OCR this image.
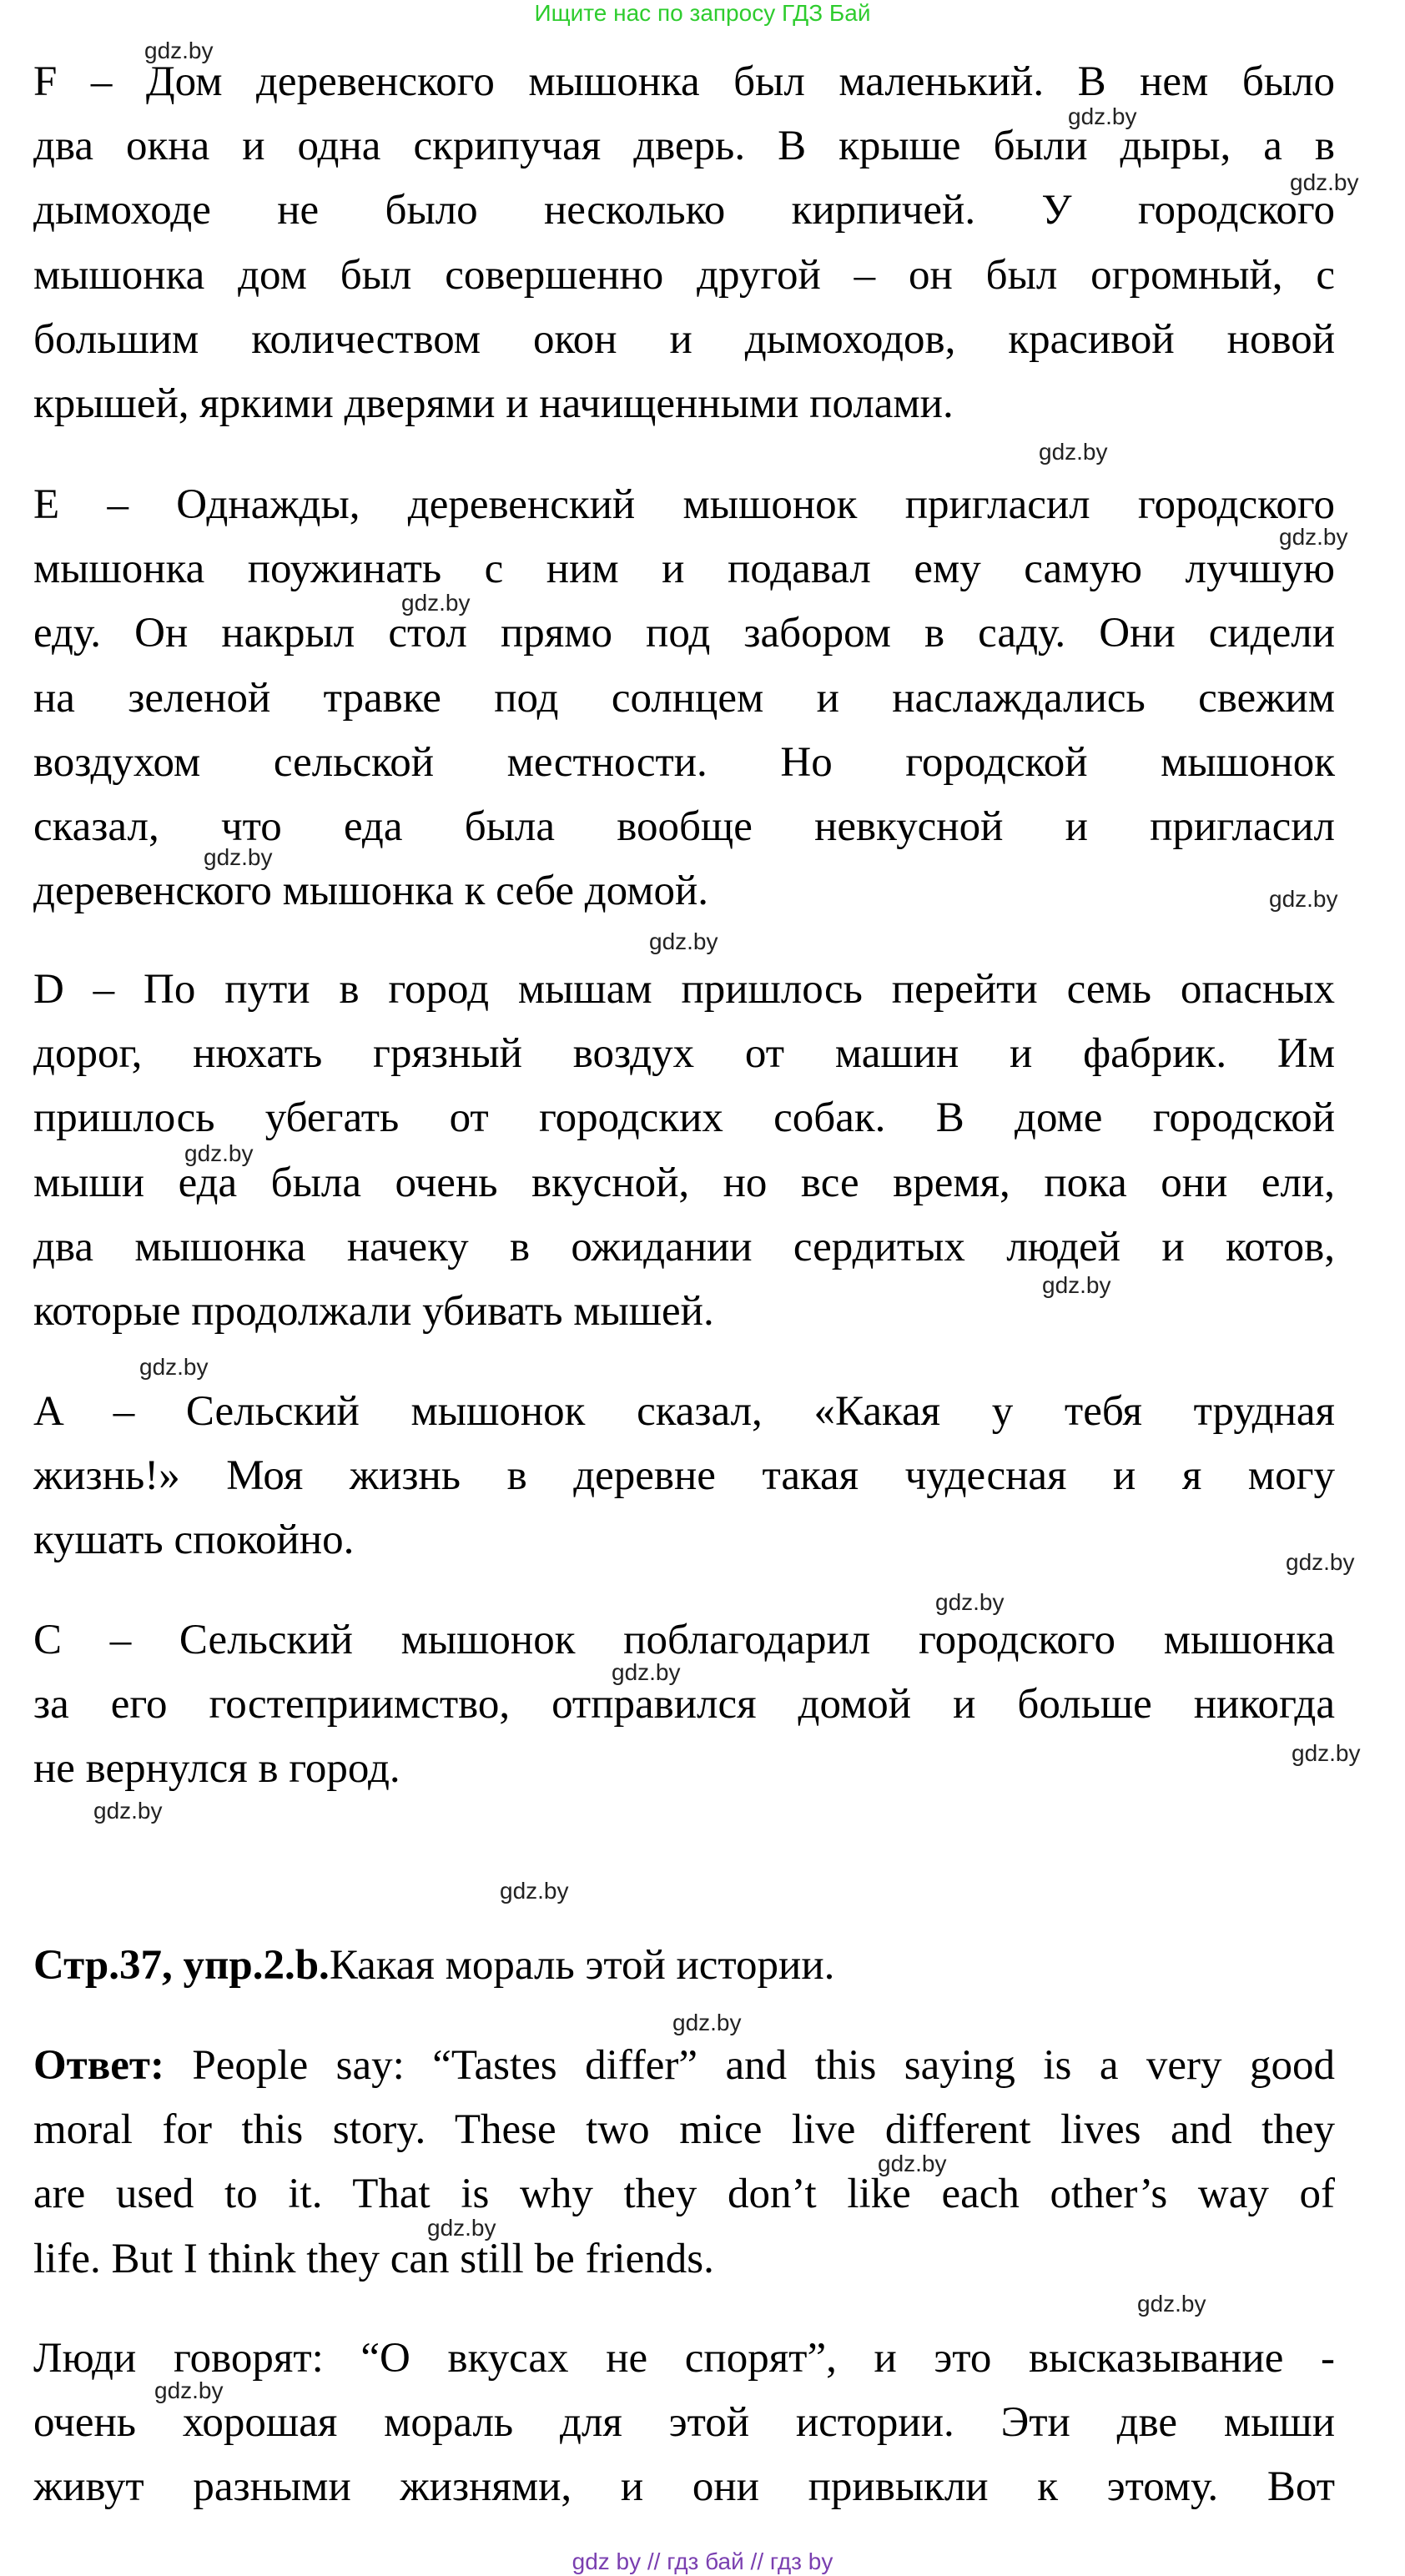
Ищите нас по запросу ГДЗ Бай
F – Дом деревенского мышонка был маленький. В нем было
два окна и одна скрипучая дверь. В крыше были дыры, а в
дымоходе не было несколько кирпичей. У городского
мышонка дом был совершенно другой – он был огромный, с
большим количеством окон и дымоходов, красивой новой
крышей, яркими дверями и начищенными полами.
E – Однажды, деревенский мышонок пригласил городского
мышонка поужинать с ним и подавал ему самую лучшую
еду. Он накрыл стол прямо под забором в саду. Они сидели
на зеленой травке под солнцем и наслаждались свежим
воздухом сельской местности. Но городской мышонок
сказал, что еда была вообще невкусной и пригласил
деревенского мышонка к себе домой.
D – По пути в город мышам пришлось перейти семь опасных
дорог, нюхать грязный воздух от машин и фабрик. Им
пришлось убегать от городских собак. В доме городской
мыши еда была очень вкусной, но все время, пока они ели,
два мышонка начеку в ожидании сердитых людей и котов,
которые продолжали убивать мышей.
A – Сельский мышонок сказал, «Какая у тебя трудная
жизнь!» Моя жизнь в деревне такая чудесная и я могу
кушать спокойно.
C – Сельский мышонок поблагодарил городского мышонка
за его гостеприимство, отправился домой и больше никогда
не вернулся в город.
Стр.37, упр.2.b.Какая мораль этой истории.
Ответ: People say: “Tastes differ” and this saying is a very good
moral for this story. These two mice live different lives and they
are used to it. That is why they don’t like each other’s way of
life. But I think they can still be friends.
Люди говорят: “О вкусах не спорят”, и это высказывание -
очень хорошая мораль для этой истории. Эти две мыши
живут разными жизнями, и они привыкли к этому. Вот
gdz.by
gdz.by
gdz.by
gdz.by
gdz.by
gdz.by
gdz.by
gdz.by
gdz.by
gdz.by
gdz.by
gdz.by
gdz.by
gdz.by
gdz.by
gdz.by
gdz.by
gdz.by
gdz.by
gdz.by
gdz.by
gdz.by
gdz.by
gdz by // гдз бай // гдз by
